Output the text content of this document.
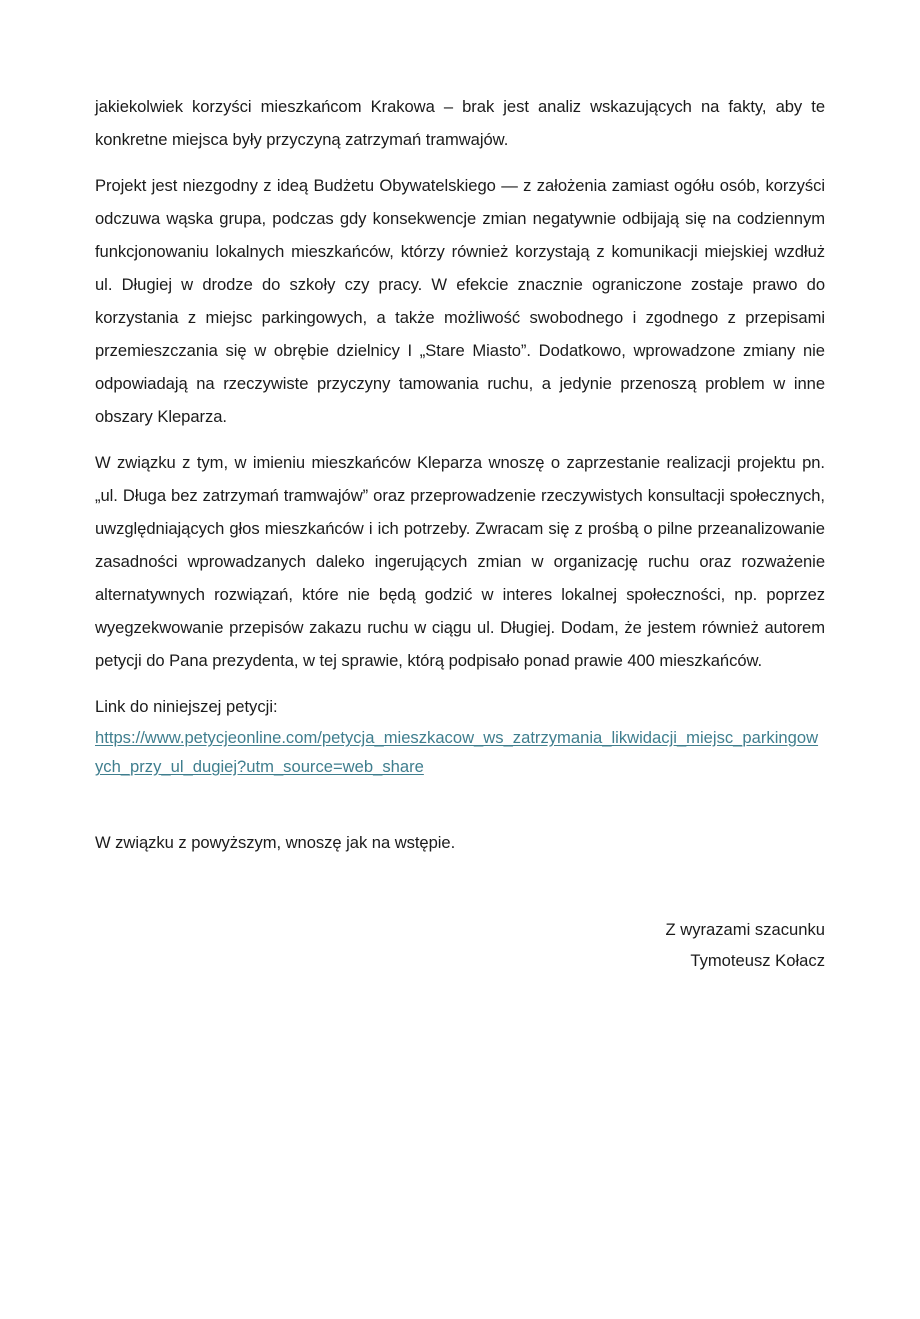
jakiekolwiek korzyści mieszkańcom Krakowa – brak jest analiz wskazujących na fakty, aby te konkretne miejsca były przyczyną zatrzymań tramwajów.

Projekt jest niezgodny z ideą Budżetu Obywatelskiego — z założenia zamiast ogółu osób, korzyści odczuwa wąska grupa, podczas gdy konsekwencje zmian negatywnie odbijają się na codziennym funkcjonowaniu lokalnych mieszkańców, którzy również korzystają z komunikacji miejskiej wzdłuż ul. Długiej w drodze do szkoły czy pracy. W efekcie znacznie ograniczone zostaje prawo do korzystania z miejsc parkingowych, a także możliwość swobodnego i zgodnego z przepisami przemieszczania się w obrębie dzielnicy I „Stare Miasto”. Dodatkowo, wprowadzone zmiany nie odpowiadają na rzeczywiste przyczyny tamowania ruchu, a jedynie przenoszą problem w inne obszary Kleparza.

W związku z tym, w imieniu mieszkańców Kleparza wnoszę o zaprzestanie realizacji projektu pn. „ul. Długa bez zatrzymań tramwajów” oraz przeprowadzenie rzeczywistych konsultacji społecznych, uwzględniających głos mieszkańców i ich potrzeby. Zwracam się z prośbą o pilne przeanalizowanie zasadności wprowadzanych daleko ingerujących zmian w organizację ruchu oraz rozważenie alternatywnych rozwiązań, które nie będą godzić w interes lokalnej społeczności, np. poprzez wyegzekwowanie przepisów zakazu ruchu w ciągu ul. Długiej. Dodam, że jestem również autorem petycji do Pana prezydenta, w tej sprawie, którą podpisało ponad prawie 400 mieszkańców.

Link do niniejszej petycji:

https://www.petycjeonline.com/petycja_mieszkacow_ws_zatrzymania_likwidacji_miejsc_parkingowych_przy_ul_dugiej?utm_source=web_share

W związku z powyższym, wnoszę jak na wstępie.

Z wyrazami szacunku
Tymoteusz Kołacz
